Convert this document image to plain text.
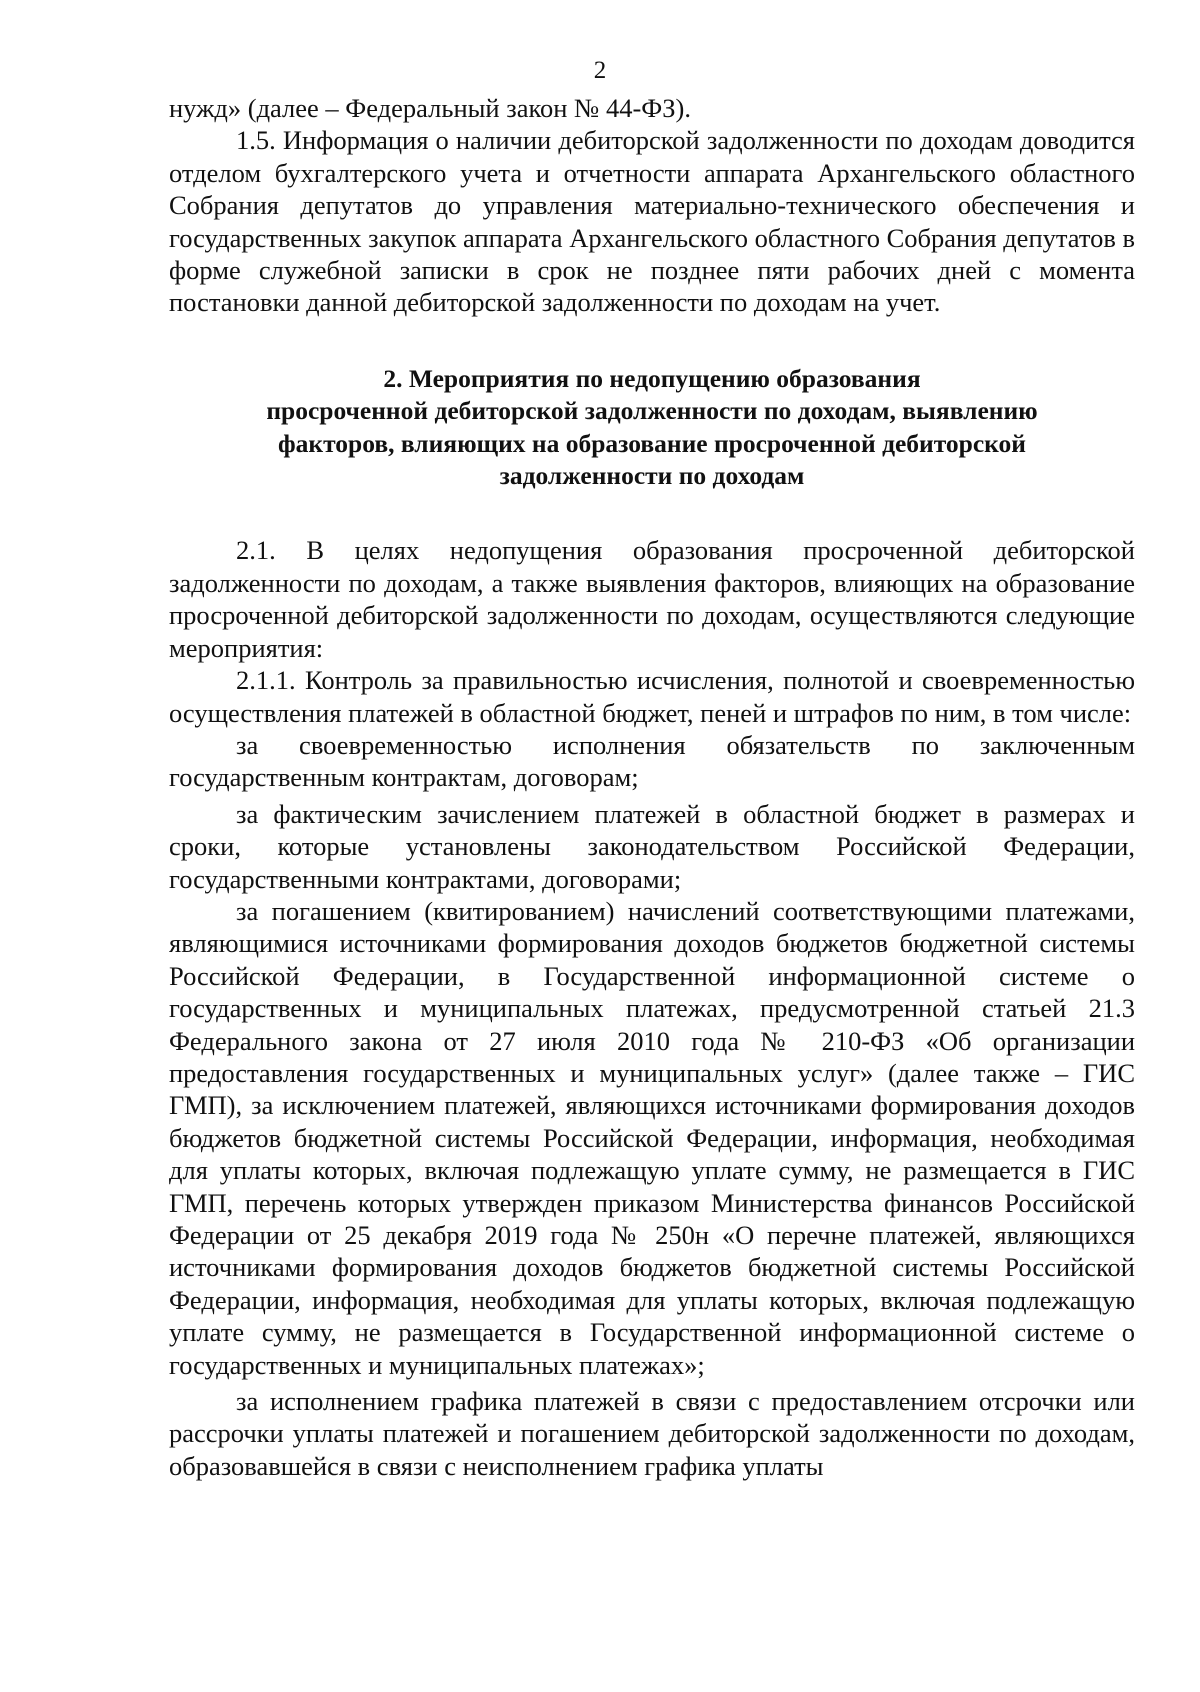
2

нужд» (далее – Федеральный закон № 44-ФЗ).

1.5. Информация о наличии дебиторской задолженности по доходам доводится отделом бухгалтерского учета и отчетности аппарата Архангельского областного Собрания депутатов до управления материально-технического обеспечения и государственных закупок аппарата Архангельского областного Собрания депутатов в форме служебной записки в срок не позднее пяти рабочих дней с момента постановки данной дебиторской задолженности по доходам на учет.

2. Мероприятия по недопущению образования
просроченной дебиторской задолженности по доходам, выявлению
факторов, влияющих на образование просроченной дебиторской
задолженности по доходам

2.1. В целях недопущения образования просроченной дебиторской задолженности по доходам, а также выявления факторов, влияющих на образование просроченной дебиторской задолженности по доходам, осуществляются следующие мероприятия:

2.1.1. Контроль за правильностью исчисления, полнотой и своевременностью осуществления платежей в областной бюджет, пеней и штрафов по ним, в том числе:

за своевременностью исполнения обязательств по заключенным государственным контрактам, договорам;

за фактическим зачислением платежей в областной бюджет в размерах и сроки, которые установлены законодательством Российской Федерации, государственными контрактами, договорами;

за погашением (квитированием) начислений соответствующими платежами, являющимися источниками формирования доходов бюджетов бюджетной системы Российской Федерации, в Государственной информационной системе о государственных и муниципальных платежах, предусмотренной статьей 21.3 Федерального закона от 27 июля 2010 года № 210-ФЗ «Об организации предоставления государственных и муниципальных услуг» (далее также – ГИС ГМП), за исключением платежей, являющихся источниками формирования доходов бюджетов бюджетной системы Российской Федерации, информация, необходимая для уплаты которых, включая подлежащую уплате сумму, не размещается в ГИС ГМП, перечень которых утвержден приказом Министерства финансов Российской Федерации от 25 декабря 2019 года № 250н «О перечне платежей, являющихся источниками формирования доходов бюджетов бюджетной системы Российской Федерации, информация, необходимая для уплаты которых, включая подлежащую уплате сумму, не размещается в Государственной информационной системе о государственных и муниципальных платежах»;

за исполнением графика платежей в связи с предоставлением отсрочки или рассрочки уплаты платежей и погашением дебиторской задолженности по доходам, образовавшейся в связи с неисполнением графика уплаты
